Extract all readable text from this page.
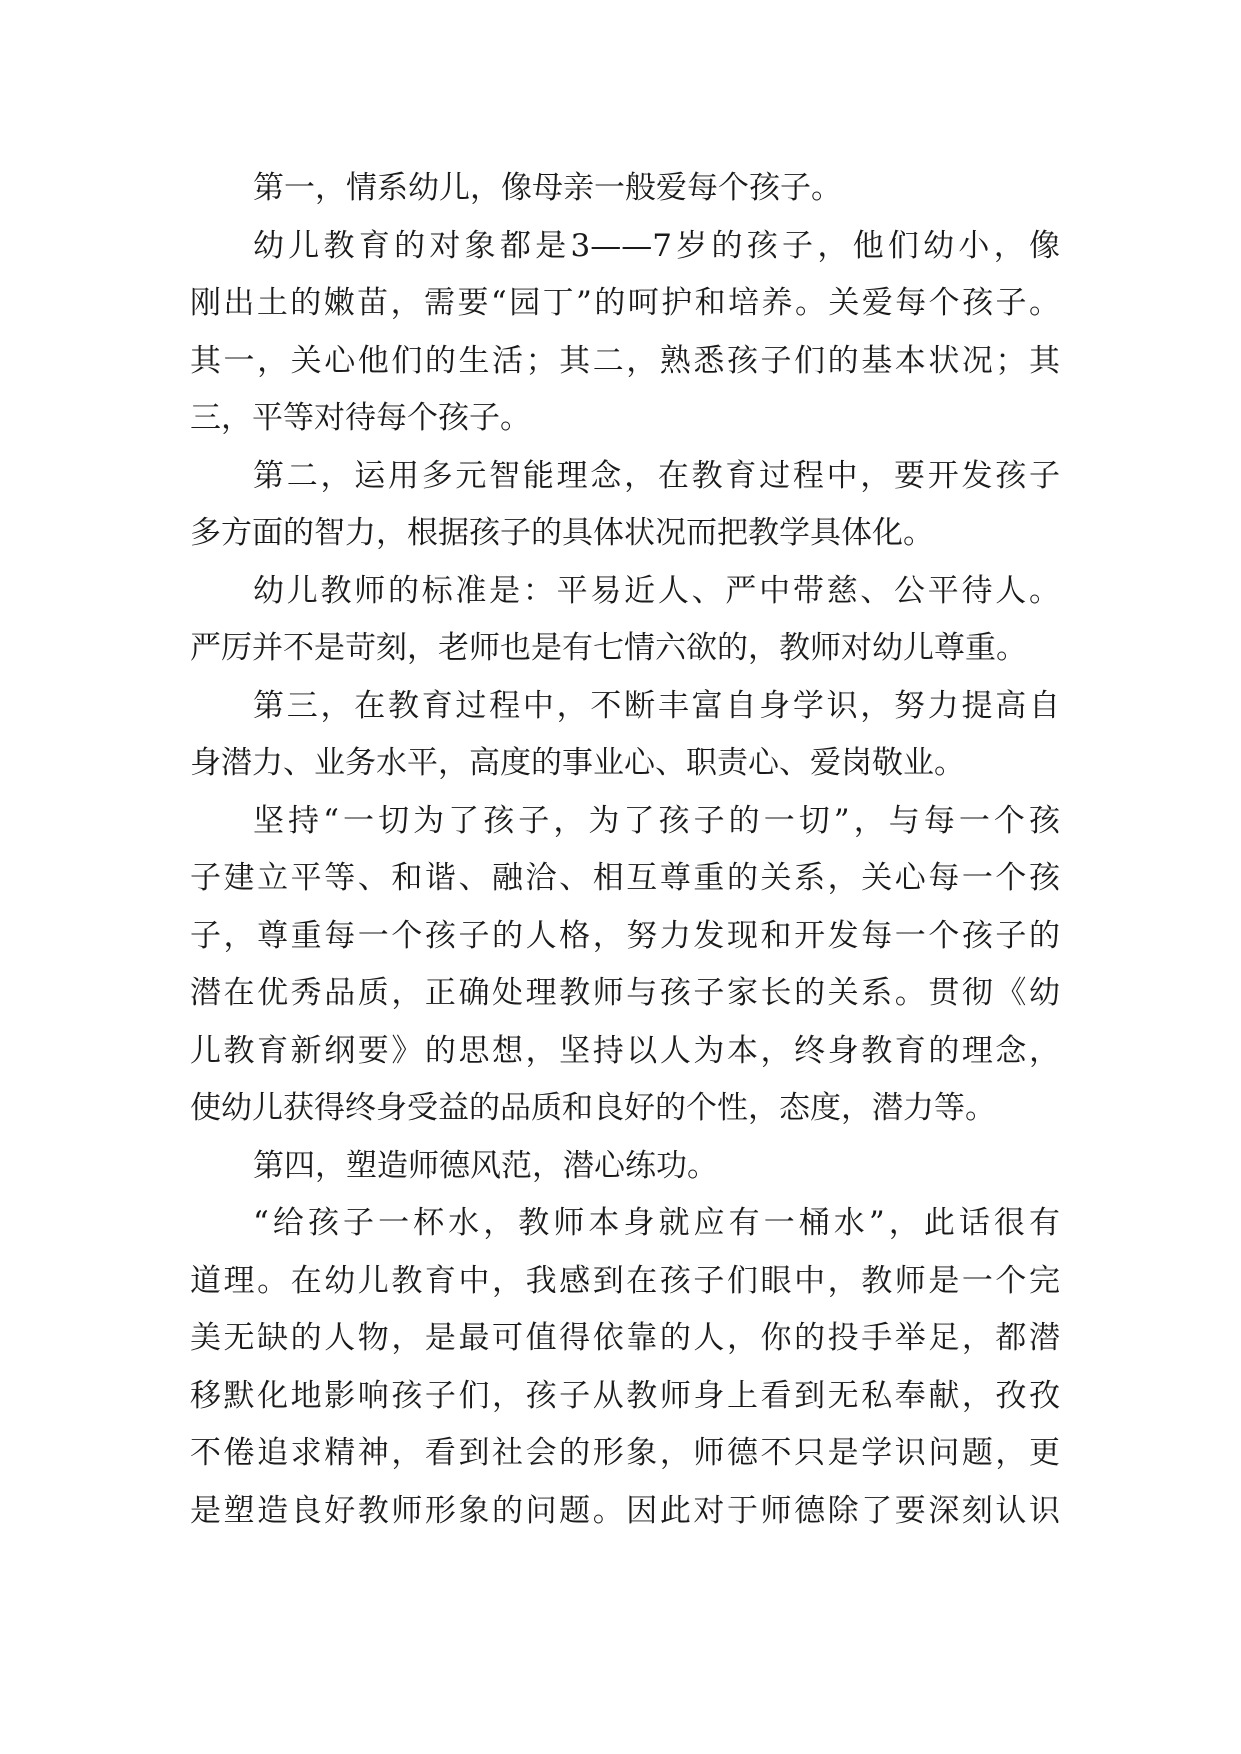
第一，情系幼儿，像母亲一般爱每个孩子。
幼儿教育的对象都是3——7岁的孩子，他们幼小，像
刚出土的嫩苗，需要“园丁”的呵护和培养。关爱每个孩子。
其一，关心他们的生活；其二，熟悉孩子们的基本状况；其
三，平等对待每个孩子。
第二，运用多元智能理念，在教育过程中，要开发孩子
多方面的智力，根据孩子的具体状况而把教学具体化。
幼儿教师的标准是：平易近人、严中带慈、公平待人。
严厉并不是苛刻，老师也是有七情六欲的，教师对幼儿尊重。
第三，在教育过程中，不断丰富自身学识，努力提高自
身潜力、业务水平，高度的事业心、职责心、爱岗敬业。
坚持“一切为了孩子，为了孩子的一切”，与每一个孩
子建立平等、和谐、融洽、相互尊重的关系，关心每一个孩
子，尊重每一个孩子的人格，努力发现和开发每一个孩子的
潜在优秀品质，正确处理教师与孩子家长的关系。贯彻《幼
儿教育新纲要》的思想，坚持以人为本，终身教育的理念，
使幼儿获得终身受益的品质和良好的个性，态度，潜力等。
第四，塑造师德风范，潜心练功。
“给孩子一杯水，教师本身就应有一桶水”，此话很有
道理。在幼儿教育中，我感到在孩子们眼中，教师是一个完
美无缺的人物，是最可值得依靠的人，你的投手举足，都潜
移默化地影响孩子们，孩子从教师身上看到无私奉献，孜孜
不倦追求精神，看到社会的形象，师德不只是学识问题，更
是塑造良好教师形象的问题。因此对于师德除了要深刻认识
